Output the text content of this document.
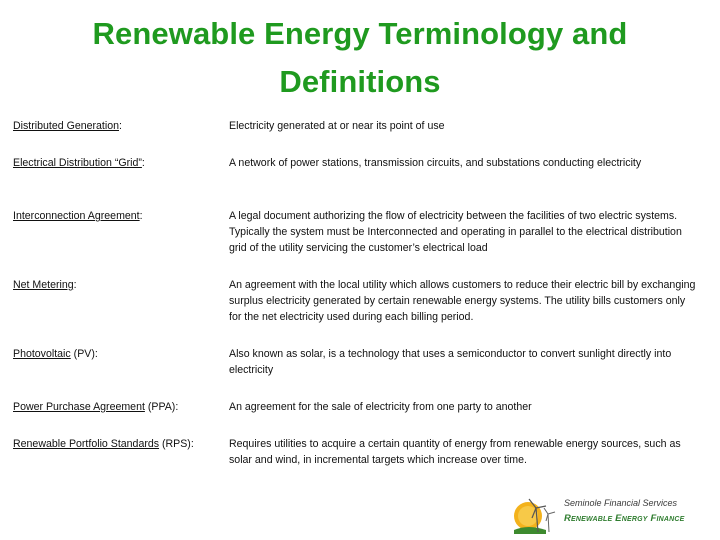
Renewable Energy Terminology and Definitions
Distributed Generation:	Electricity generated at or near its point of use
Electrical Distribution “Grid”:	A network of power stations, transmission circuits, and substations conducting electricity
Interconnection Agreement:	A legal document authorizing the flow of electricity between the facilities of two electric systems. Typically the system must be Interconnected and operating in parallel to the electrical distribution grid of the utility servicing the customer’s electrical load
Net Metering:	An agreement with the local utility which allows customers to reduce their electric bill by exchanging surplus electricity generated by certain renewable energy systems. The utility bills customers only for the net electricity used during each billing period.
Photovoltaic (PV):	Also known as solar, is a technology that uses a semiconductor to convert sunlight directly into electricity
Power Purchase Agreement (PPA):	An agreement for the sale of electricity from one party to another
Renewable Portfolio Standards (RPS):	Requires utilities to acquire a certain quantity of energy from renewable energy sources, such as solar and wind, in incremental targets which increase over time.
Seminole Financial Services
Renewable Energy Finance
